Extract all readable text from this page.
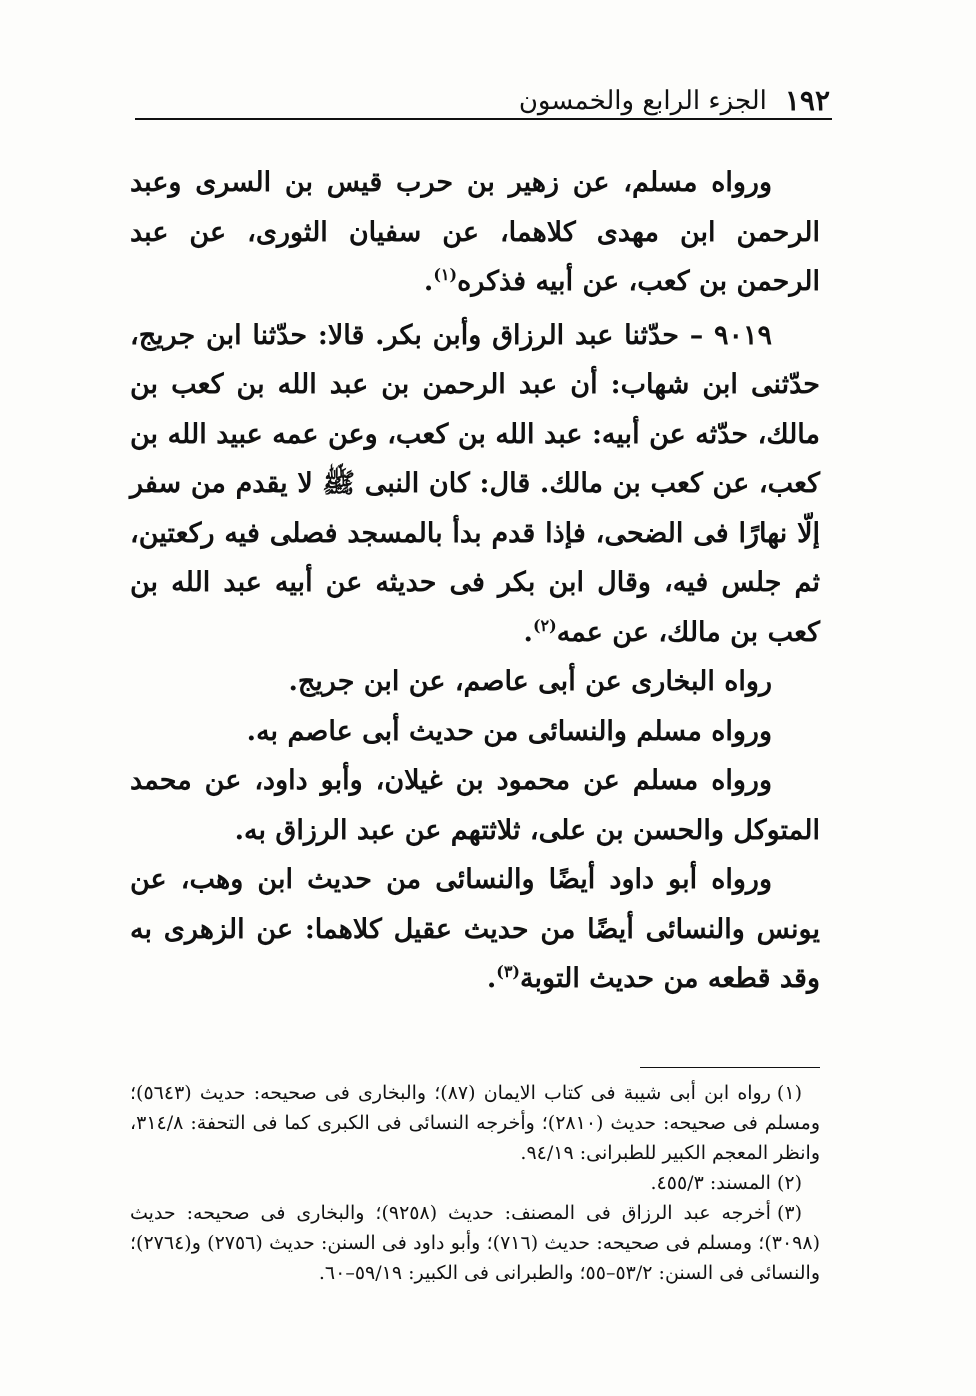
١٩٢
الجزء الرابع والخمسون

ورواه مسلم، عن زهير بن حرب قيس بن السرى وعبد الرحمن ابن مهدى كلاهما، عن سفيان الثورى، عن عبد الرحمن بن كعب، عن أبيه فذكره$^{(١)}$.

٩٠١٩ – حدّثنا عبد الرزاق وأبن بكر. قالا: حدّثنا ابن جريج، حدّثنى ابن شهاب: أن عبد الرحمن بن عبد الله بن كعب بن مالك، حدّثه عن أبيه: عبد الله بن كعب، وعن عمه عبيد الله بن كعب، عن كعب بن مالك. قال: كان النبى ﷺ لا يقدم من سفر إلّا نهارًا فى الضحى، فإذا قدم بدأ بالمسجد فصلى فيه ركعتين، ثم جلس فيه، وقال ابن بكر فى حديثه عن أبيه عبد الله بن كعب بن مالك، عن عمه$^{(٢)}$.

رواه البخارى عن أبى عاصم، عن ابن جريج.

ورواه مسلم والنسائى من حديث أبى عاصم به.

ورواه مسلم عن محمود بن غيلان، وأبو داود، عن محمد المتوكل والحسن بن على، ثلاثتهم عن عبد الرزاق به.

ورواه أبو داود أيضًا والنسائى من حديث ابن وهب، عن يونس والنسائى أيضًا من حديث عقيل كلاهما: عن الزهرى به وقد قطعه من حديث التوبة$^{(٣)}$.

(١)رواه ابن أبى شيبة فى كتاب الايمان (٨٧)؛ والبخارى فى صحيحه: حديث (٥٦٤٣)؛ ومسلم فى صحيحه: حديث (٢٨١٠)؛ وأخرجه النسائى فى الكبرى كما فى التحفة: ٣١٤/٨، وانظر المعجم الكبير للطبرانى: ٩٤/١٩.

(٢)المسند: ٤٥٥/٣.

(٣)أخرجه عبد الرزاق فى المصنف: حديث (٩٢٥٨)؛ والبخارى فى صحيحه: حديث (٣٠٩٨)؛ ومسلم فى صحيحه: حديث (٧١٦)؛ وأبو داود فى السنن: حديث (٢٧٥٦) و(٢٧٦٤)؛ والنسائى فى السنن: ٥٣/٢–٥٥؛ والطبرانى فى الكبير: ٥٩/١٩–٦٠.
